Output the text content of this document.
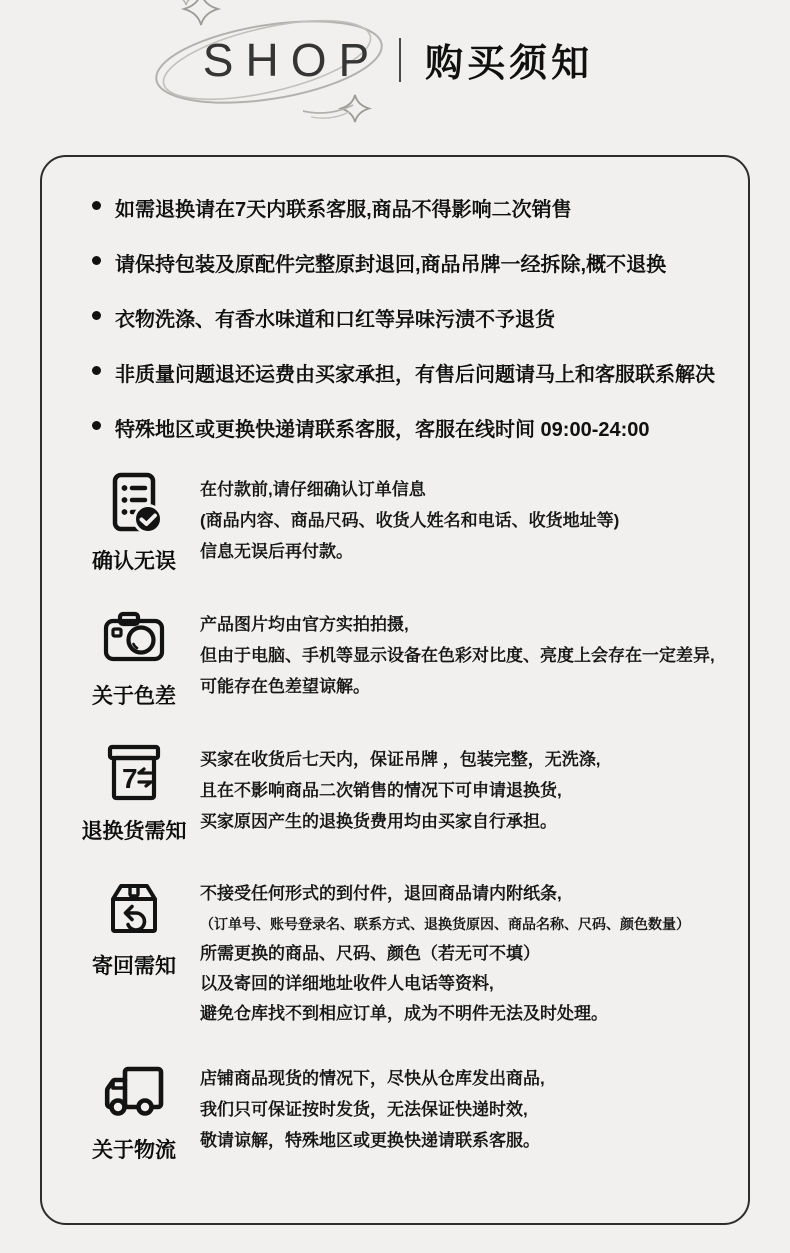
SHOP 购买须知
如需退换请在7天内联系客服,商品不得影响二次销售
请保持包装及原配件完整原封退回,商品吊牌一经拆除,概不退换
衣物洗涤、有香水味道和口红等异味污渍不予退货
非质量问题退还运费由买家承担，有售后问题请马上和客服联系解决
特殊地区或更换快递请联系客服，客服在线时间 09:00-24:00
确认无误
在付款前,请仔细确认订单信息
(商品内容、商品尺码、收货人姓名和电话、收货地址等)
信息无误后再付款。
关于色差
产品图片均由官方实拍拍摄,
但由于电脑、手机等显示设备在色彩对比度、亮度上会存在一定差异,
可能存在色差望谅解。
7
退换货需知
买家在收货后七天内，保证吊牌 ，包装完整，无洗涤,
且在不影响商品二次销售的情况下可申请退换货,
买家原因产生的退换货费用均由买家自行承担。
寄回需知
不接受任何形式的到付件，退回商品请内附纸条,
（订单号、账号登录名、联系方式、退换货原因、商品名称、尺码、颜色数量）
所需更换的商品、尺码、颜色（若无可不填）
以及寄回的详细地址收件人电话等资料,
避免仓库找不到相应订单，成为不明件无法及时处理。
关于物流
店铺商品现货的情况下，尽快从仓库发出商品,
我们只可保证按时发货，无法保证快递时效,
敬请谅解，特殊地区或更换快递请联系客服。
